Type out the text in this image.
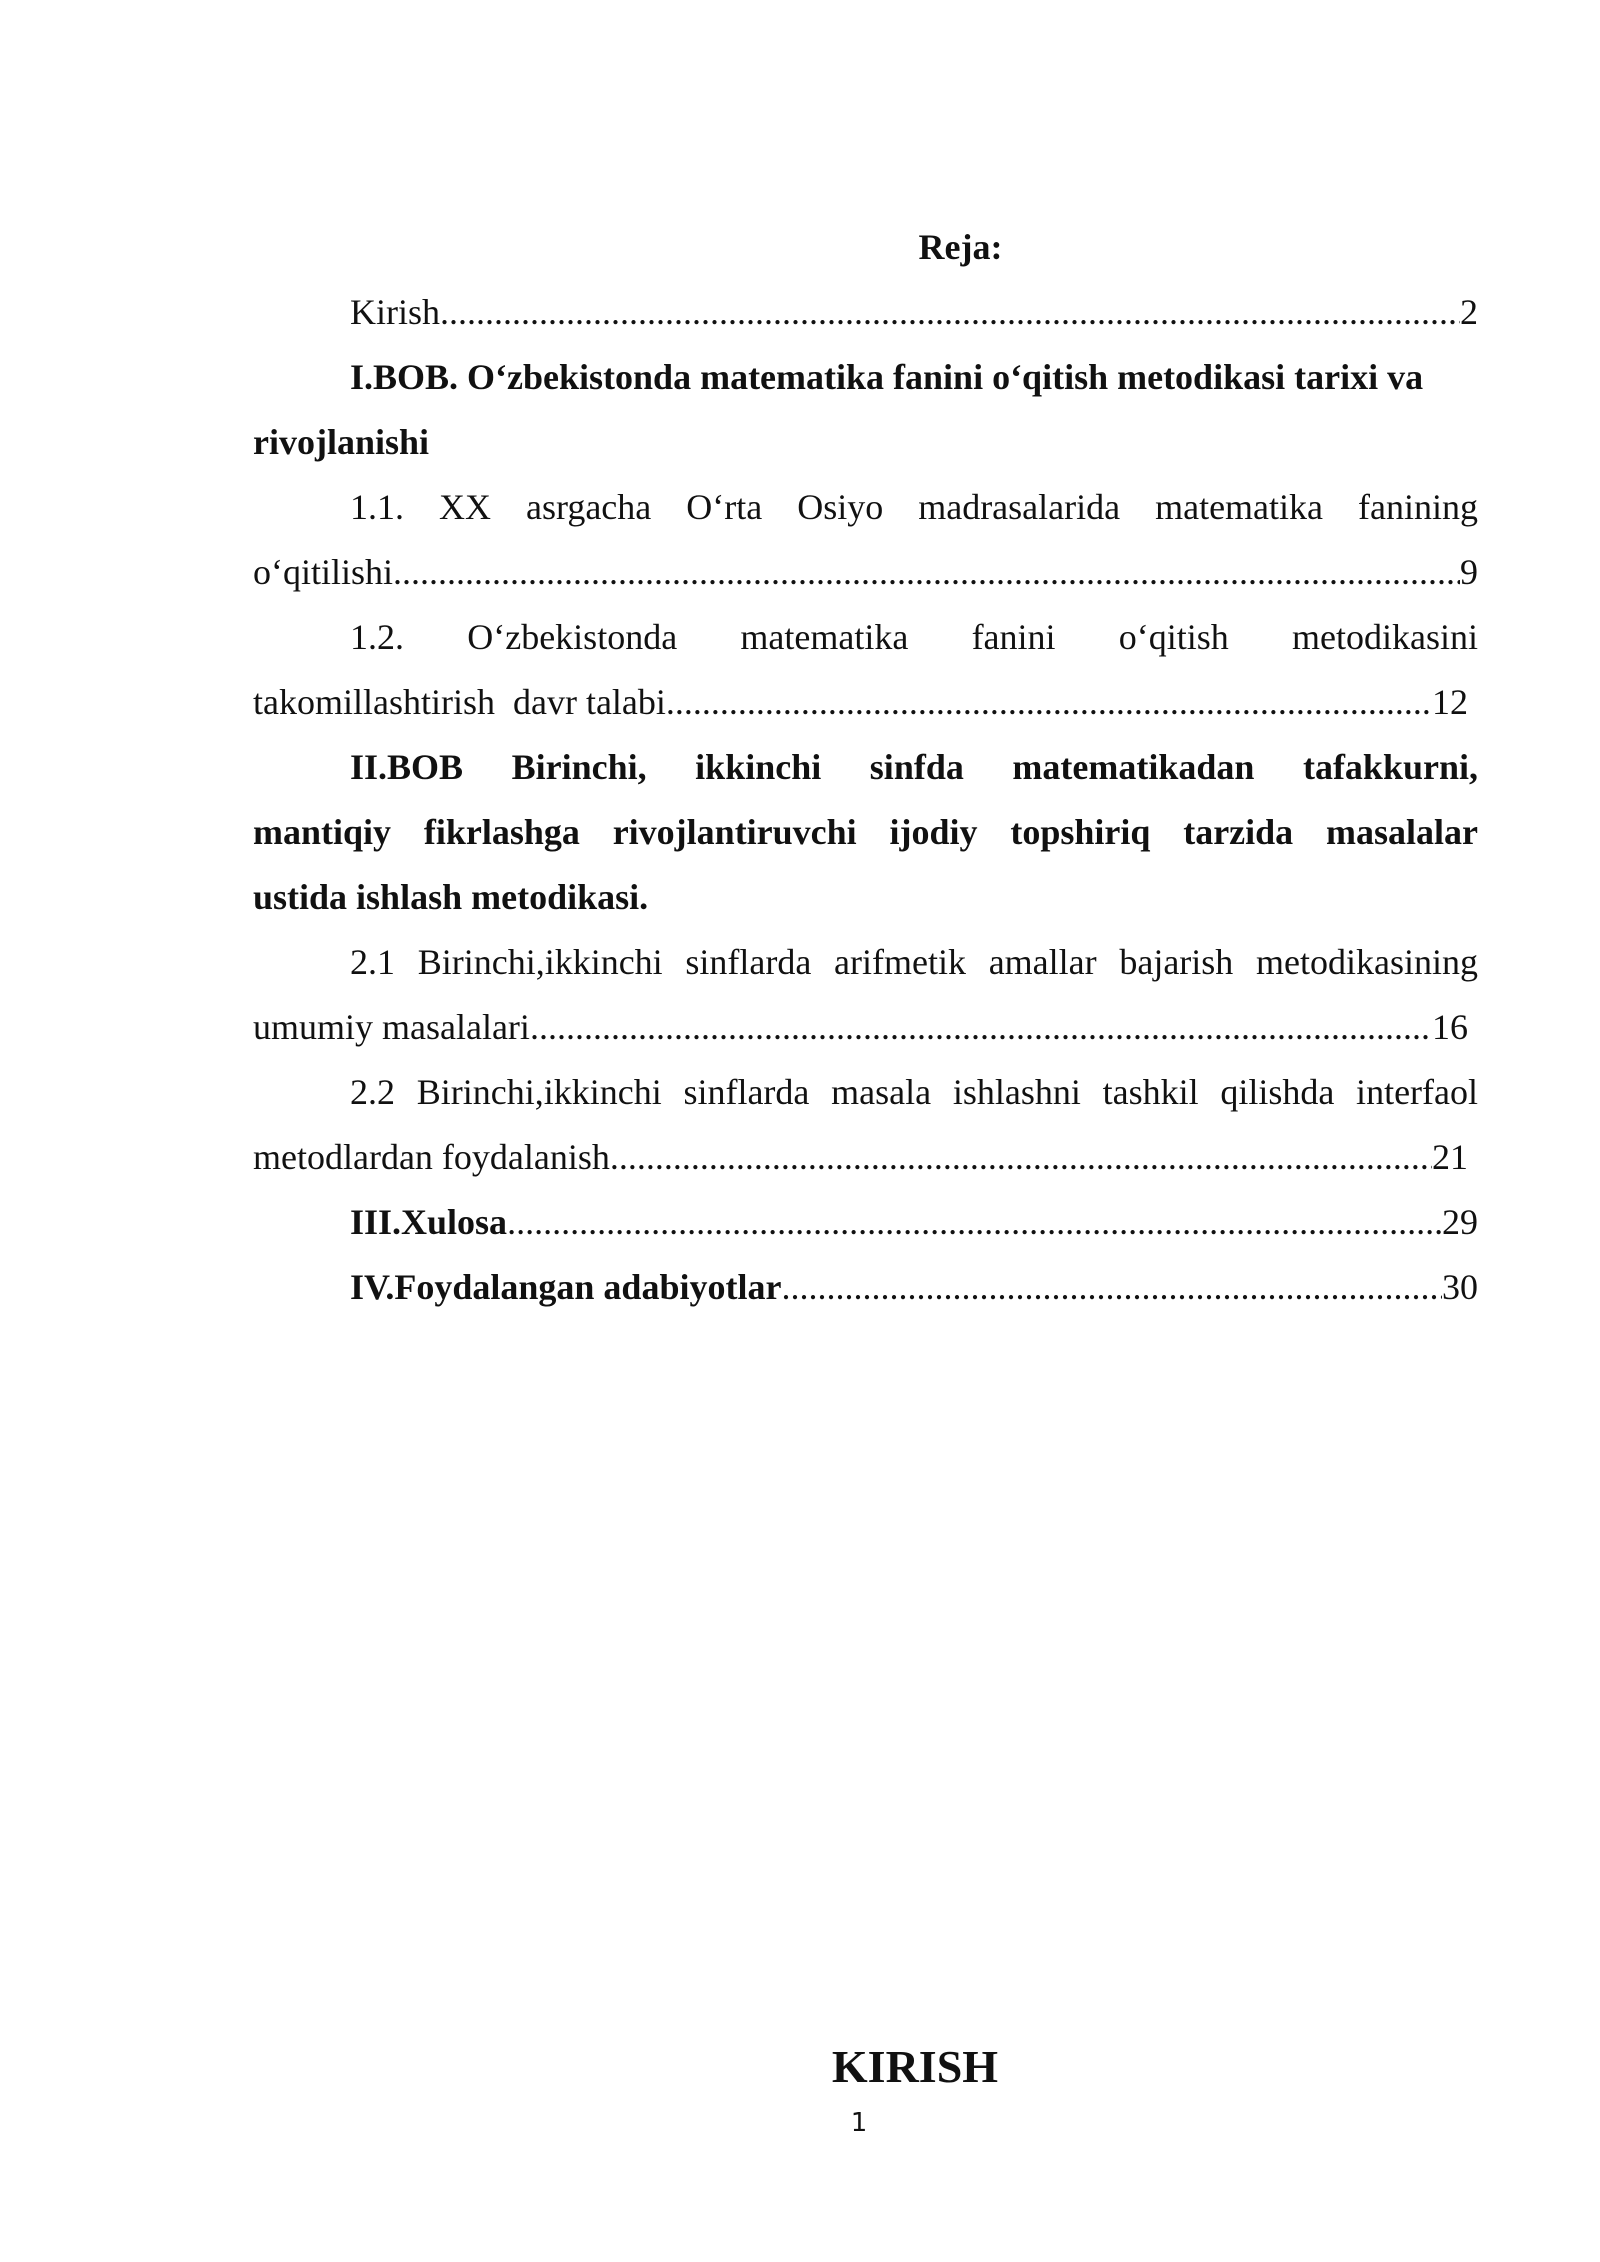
Reja:

Kirish .....	2
I.BOB . O‘zbekistonda matematika fanini o‘qitish metodikasi tarixi va
rivojlanishi
1.1. XX asrgacha O‘rta Osiyo madrasalarida matematika fanining
o‘qitilishi .....	9
1.2. O‘zbekistonda matematika fanini o‘qitish metodikasini
takomillashtirish  davr talabi .....	12
II.BOB Birinchi, ikkinchi sinfda matematikadan tafakkurni,
mantiqiy fikrlashga rivojlantiruvchi ijodiy topshiriq tarzida masalalar
ustida ishlash metodikasi.
2.1 Birinchi,ikkinchi sinflarda arifmetik amallar bajarish metodikasining
umumiy masalalari .....	16
2.2 Birinchi,ikkinchi sinflarda masala ishlashni tashkil qilishda interfaol
metodlardan foydalanish .....	21
III.Xulosa .....	29
IV.Foydalangan adabiyotlar .....	30
KIRISH
1
